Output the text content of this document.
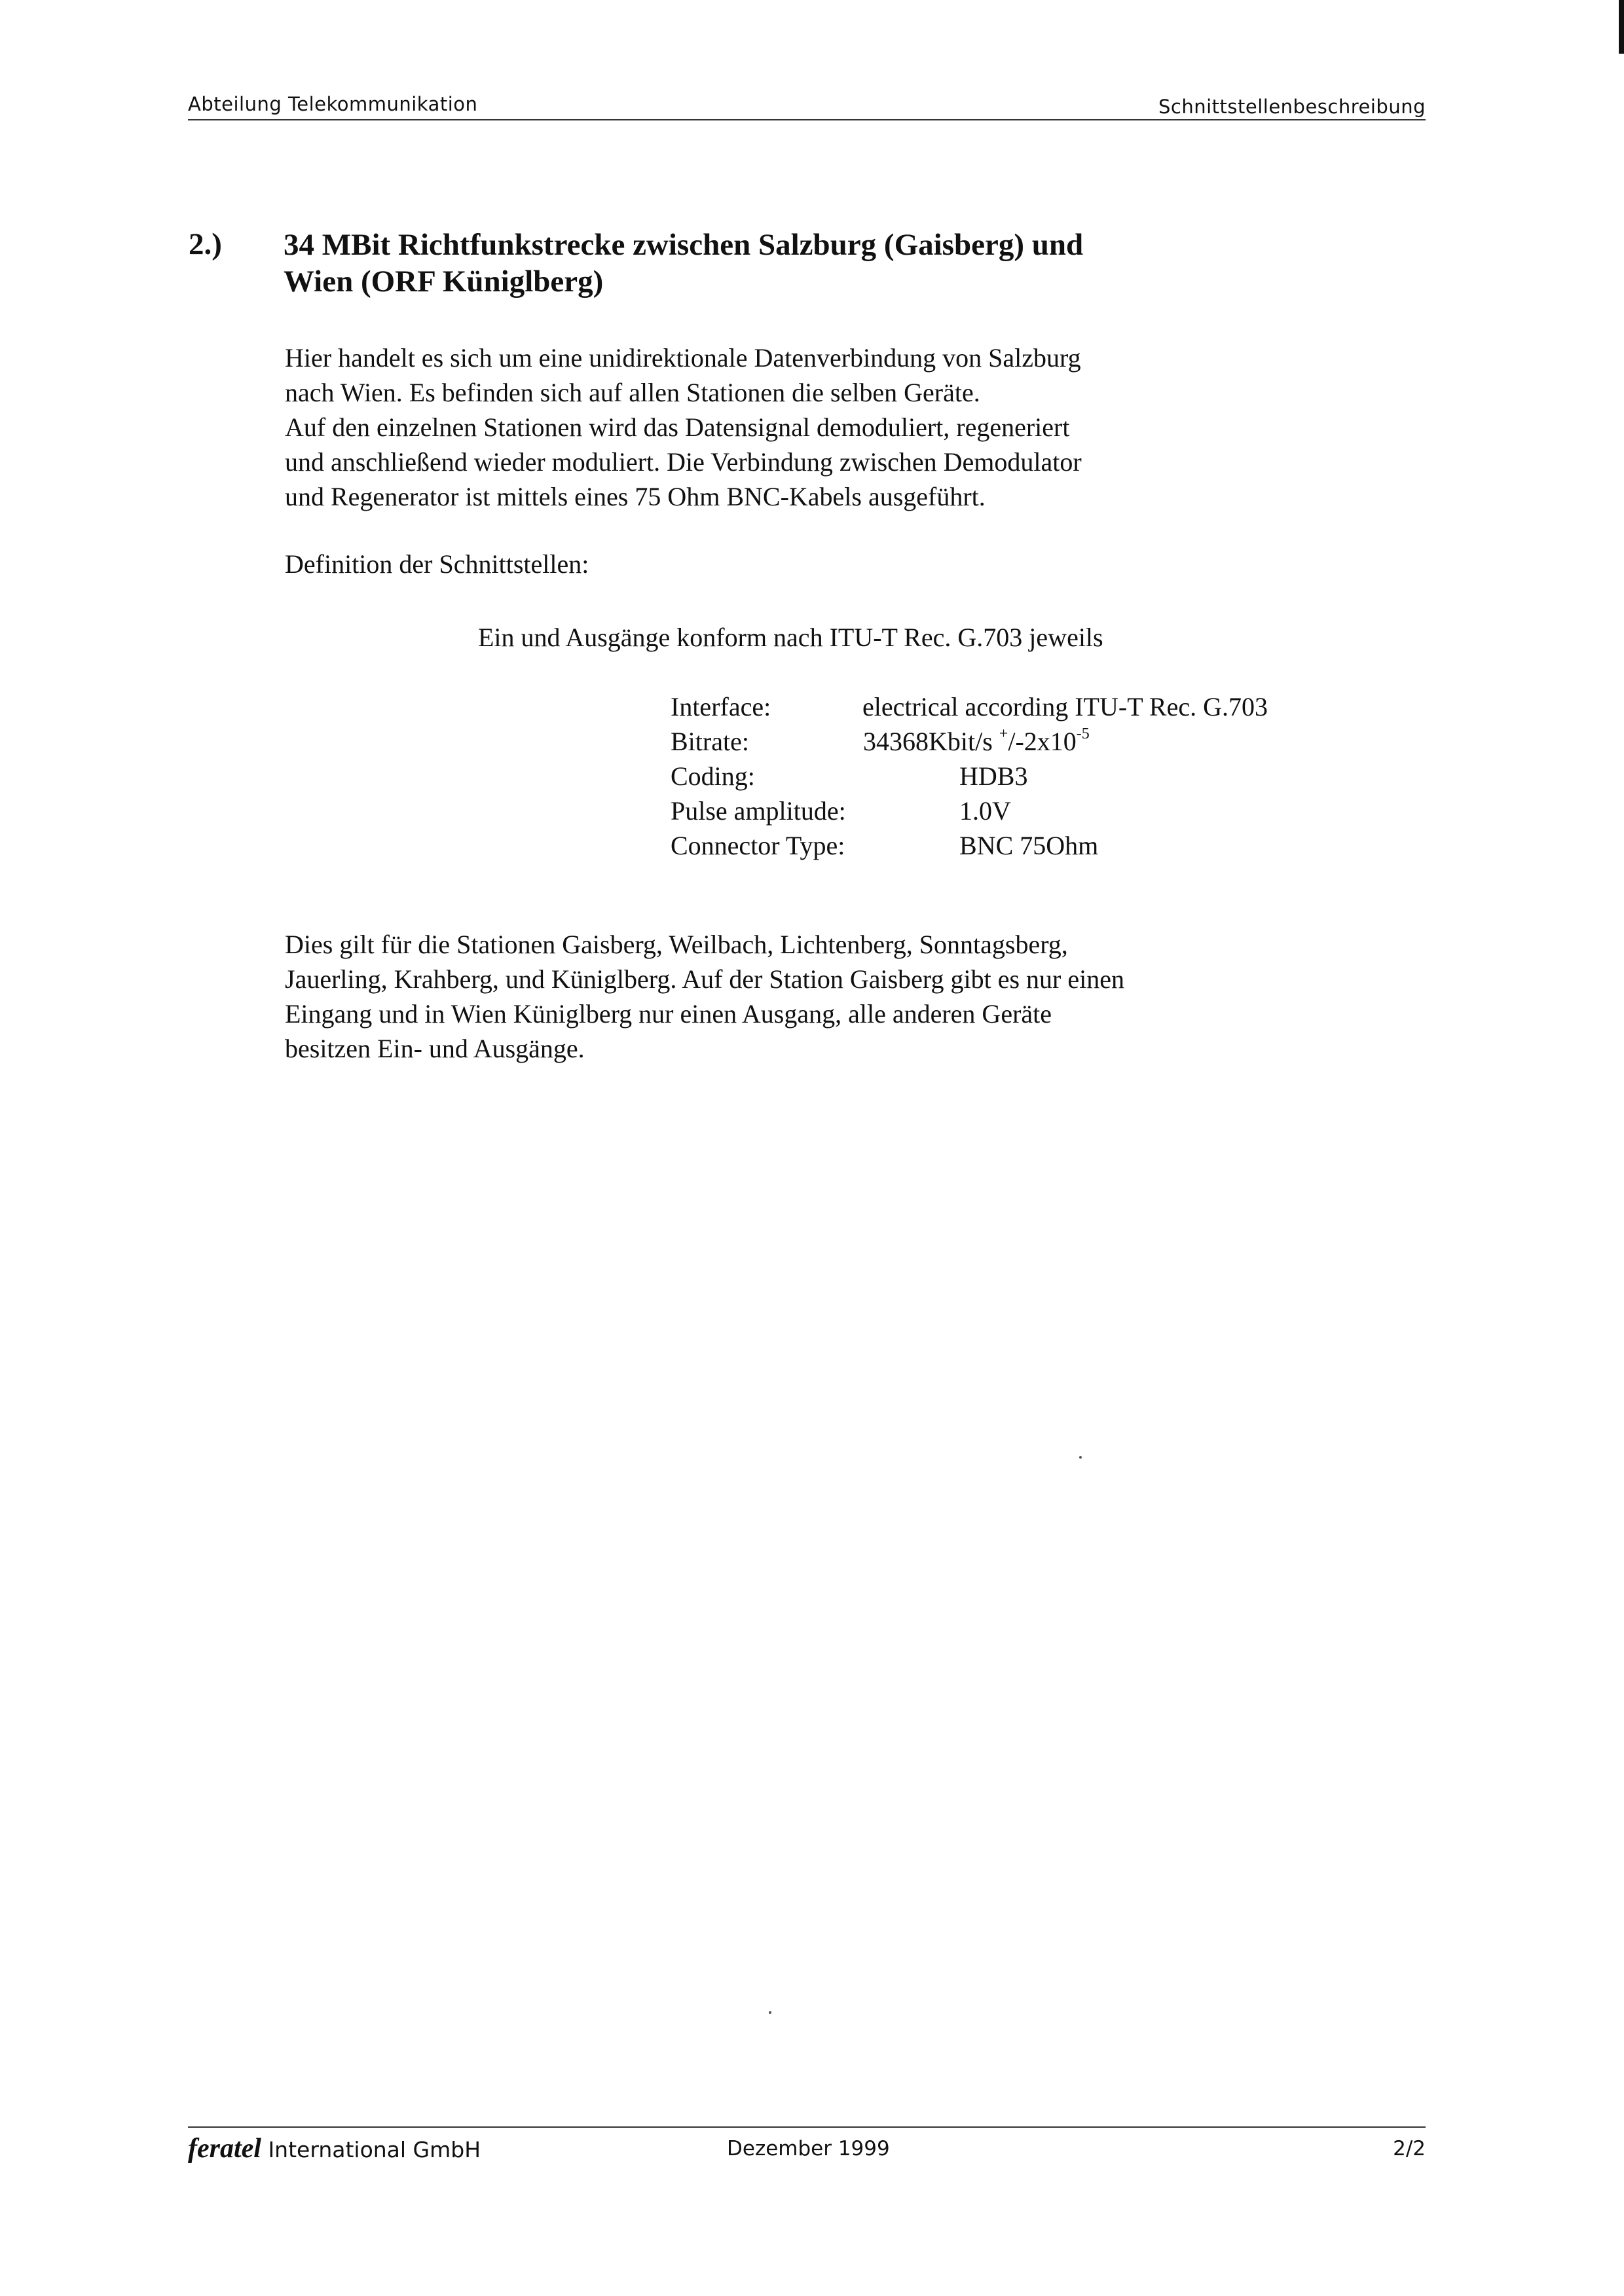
Abteilung Telekommunikation	Schnittstellenbeschreibung
2.) 34 MBit Richtfunkstrecke zwischen Salzburg (Gaisberg) und
Wien (ORF Küniglberg)
Hier handelt es sich um eine unidirektionale Datenverbindung von Salzburg
nach Wien. Es befinden sich auf allen Stationen die selben Geräte.
Auf den einzelnen Stationen wird das Datensignal demoduliert, regeneriert
und anschließend wieder moduliert. Die Verbindung zwischen Demodulator
und Regenerator ist mittels eines 75 Ohm BNC-Kabels ausgeführt.
Definition der Schnittstellen:
Ein und Ausgänge konform nach ITU-T Rec. G.703 jeweils
Interface:	electrical according ITU-T Rec. G.703
Bitrate:	34368Kbit/s $^+/-2x10^{-5}$
Coding:	HDB3
Pulse amplitude:	1.0V
Connector Type:	BNC 75Ohm
Dies gilt für die Stationen Gaisberg, Weilbach, Lichtenberg, Sonntagsberg,
Jauerling, Krahberg, und Küniglberg. Auf der Station Gaisberg gibt es nur einen
Eingang und in Wien Küniglberg nur einen Ausgang, alle anderen Geräte
besitzen Ein- und Ausgänge.
feratel International GmbH	Dezember 1999	2/2
